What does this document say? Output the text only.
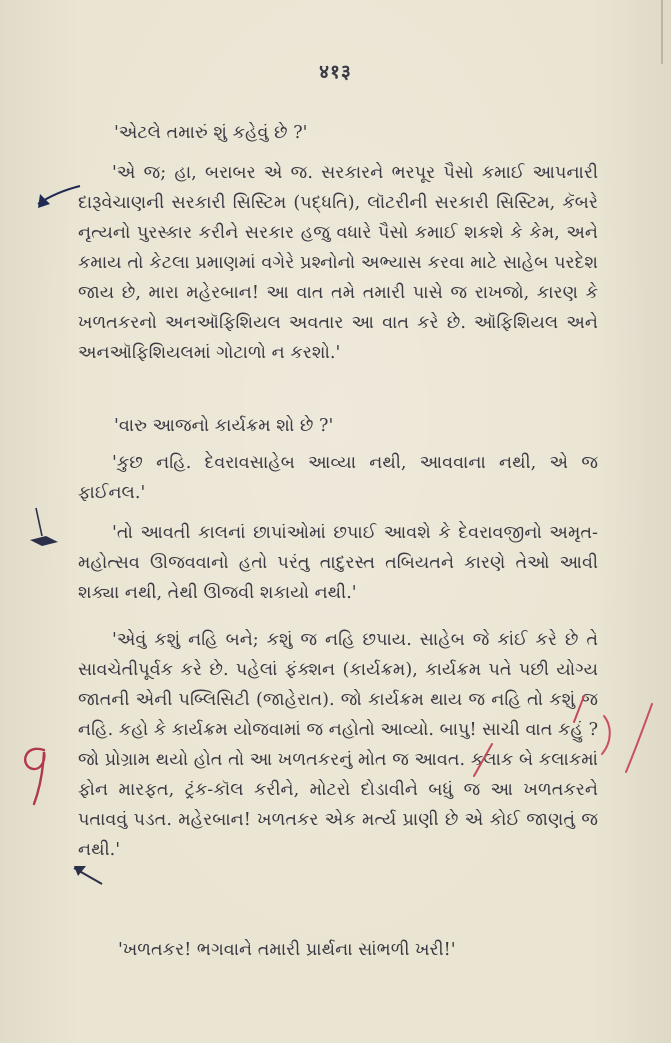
४१३

'એટલે તમારું શું કહેવું છે ?'

'એ જ; હા, બરાબર એ જ. સરકારને ભરપૂર પૈસો કમાઈ આપનારી દારૂવેચાણની સરકારી સિસ્ટિમ (પદ્ધતિ), લૉટરીની સરકારી સિસ્ટિમ, કૅબરે નૃત્યનો પુરસ્કાર કરીને સરકાર હજુ વધારે પૈસો કમાઈ શકશે કે કેમ, અને કમાય તો કેટલા પ્રમાણમાં વગેરે પ્રશ્નોનો અભ્યાસ કરવા માટે સાહેબ પરદેશ જાય છે, મારા મહેરબાન! આ વાત તમે તમારી પાસે જ રાખજો, કારણ કે ખળતકરનો અનઑફિશિયલ અવતાર આ વાત કરે છે. ઑફિશિયલ અને અનઑફિશિયલમાં ગોટાળો ન કરશો.'

'વારુ આજનો કાર્યક્રમ શો છે ?'

'કુછ નહિ. દેવરાવસાહેબ આવ્યા નથી, આવવાના નથી, એ જ ફાઈનલ.'

'તો આવતી કાલનાં છાપાંઓમાં છપાઈ આવશે કે દેવરાવજીનો અમૃત-મહોત્સવ ઊજવવાનો હતો પરંતુ તાદુરસ્ત તબિયતને કારણે તેઓ આવી શક્યા નથી, તેથી ઊજવી શકાયો નથી.'

'એવું કશું નહિ બને; કશું જ નહિ છપાય. સાહેબ જે કાંઈ કરે છે તે સાવચેતીપૂર્વક કરે છે. પહેલાં ફંક્શન (કાર્યક્રમ), કાર્યક્રમ પતે પછી યોગ્ય જાતની એની પબ્લિસિટી (જાહેરાત). જો કાર્યક્રમ થાય જ નહિ તો કશું જ નહિ. કહો કે કાર્યક્રમ યોજવામાં જ નહોતો આવ્યો. બાપુ! સાચી વાત કહું ? જો પ્રોગ્રામ થયો હોત તો આ ખળતકરનું મોત જ આવત. કલાક બે કલાકમાં ફોન મારફત, ટ્રંક-કૉલ કરીને, મોટરો દોડાવીને બધું જ આ ખળતકરને પતાવવું પડત. મહેરબાન! ખળતકર એક મર્ત્ય પ્રાણી છે એ કોઈ જાણતું જ નથી.'

'ખળતકર! ભગવાને તમારી પ્રાર્થના સાંભળી ખરી!'
